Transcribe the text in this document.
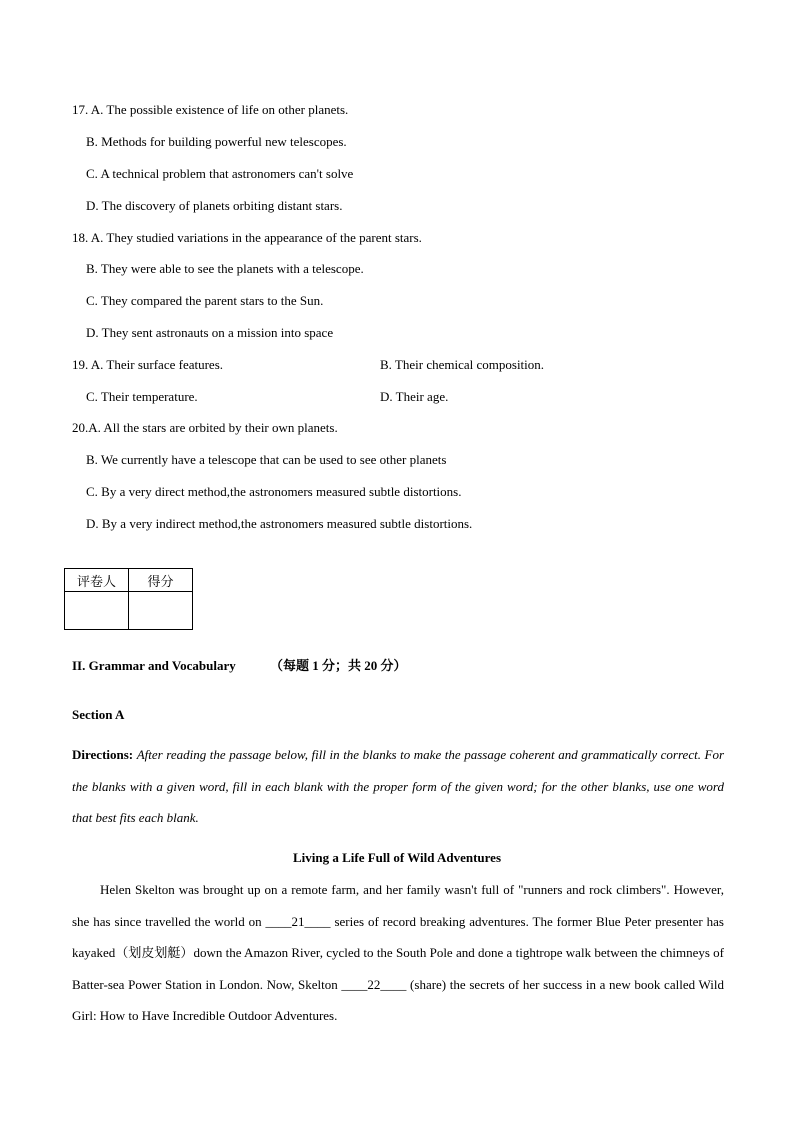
17. A. The possible existence of life on other planets.
B. Methods for building powerful new telescopes.
C. A technical problem that astronomers can't solve
D. The discovery of planets orbiting distant stars.
18. A. They studied variations in the appearance of the parent stars.
B. They were able to see the planets with a telescope.
C. They compared the parent stars to the Sun.
D. They sent astronauts on a mission into space
19. A. Their surface features.	B. Their chemical composition.
C. Their temperature.	D. Their age.
20.A. All the stars are orbited by their own planets.
B. We currently have a telescope that can be used to see other planets
C. By a very direct method,the astronomers measured subtle distortions.
D. By a very indirect method,the astronomers measured subtle distortions.
评卷人	得分

II. Grammar and Vocabulary	（每题 1 分；共 20 分）
Section A
Directions: After reading the passage below, fill in the blanks to make the passage coherent and grammatically correct. For the blanks with a given word, fill in each blank with the proper form of the given word; for the other blanks, use one word that best fits each blank.
Living a Life Full of Wild Adventures
Helen Skelton was brought up on a remote farm, and her family wasn't full of "runners and rock climbers". However, she has since travelled the world on ____21____ series of record breaking adventures. The former Blue Peter presenter has kayaked（划皮划艇）down the Amazon River, cycled to the South Pole and done a tightrope walk between the chimneys of Batter-sea Power Station in London. Now, Skelton ____22____ (share) the secrets of her success in a new book called Wild Girl: How to Have Incredible Outdoor Adventures.
